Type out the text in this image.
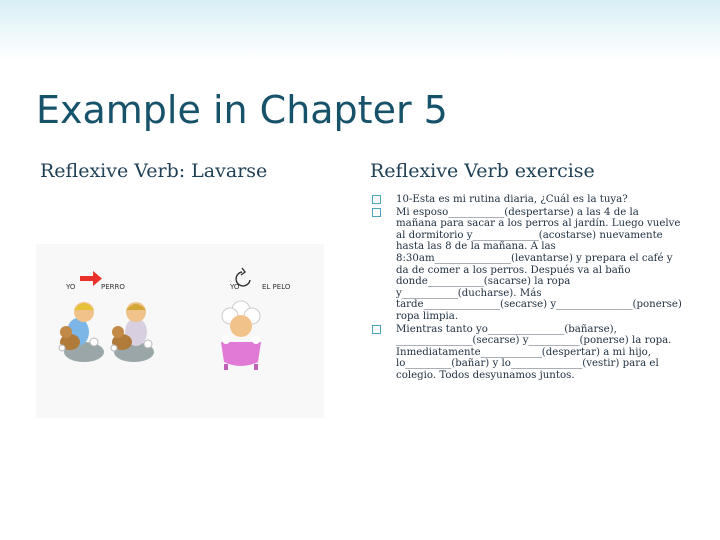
Example in Chapter 5
Reflexive Verb: Lavarse	Reflexive Verb exercise
YO	PERRO	YO	EL PELO

10-Esta es mi rutina diaria, ¿Cuál es la tuya?

Mi esposo___________(despertarse) a las 4 de la mañana para sacar a los perros al jardín. Luego vuelve al dormitorio y_____________(acostarse) nuevamente hasta las 8 de la mañana. A las 8:30am_______________(levantarse) y prepara el café y da de comer a los perros. Después va al baño donde___________(sacarse) la ropa y___________(ducharse). Más tarde_______________(secarse) y_______________(ponerse) ropa limpia.

Mientras tanto yo_______________(bañarse), _______________(secarse) y__________(ponerse) la ropa. Inmediatamente____________(despertar) a mi hijo, lo_________(bañar) y lo______________(vestir) para el colegio. Todos desyunamos juntos.
